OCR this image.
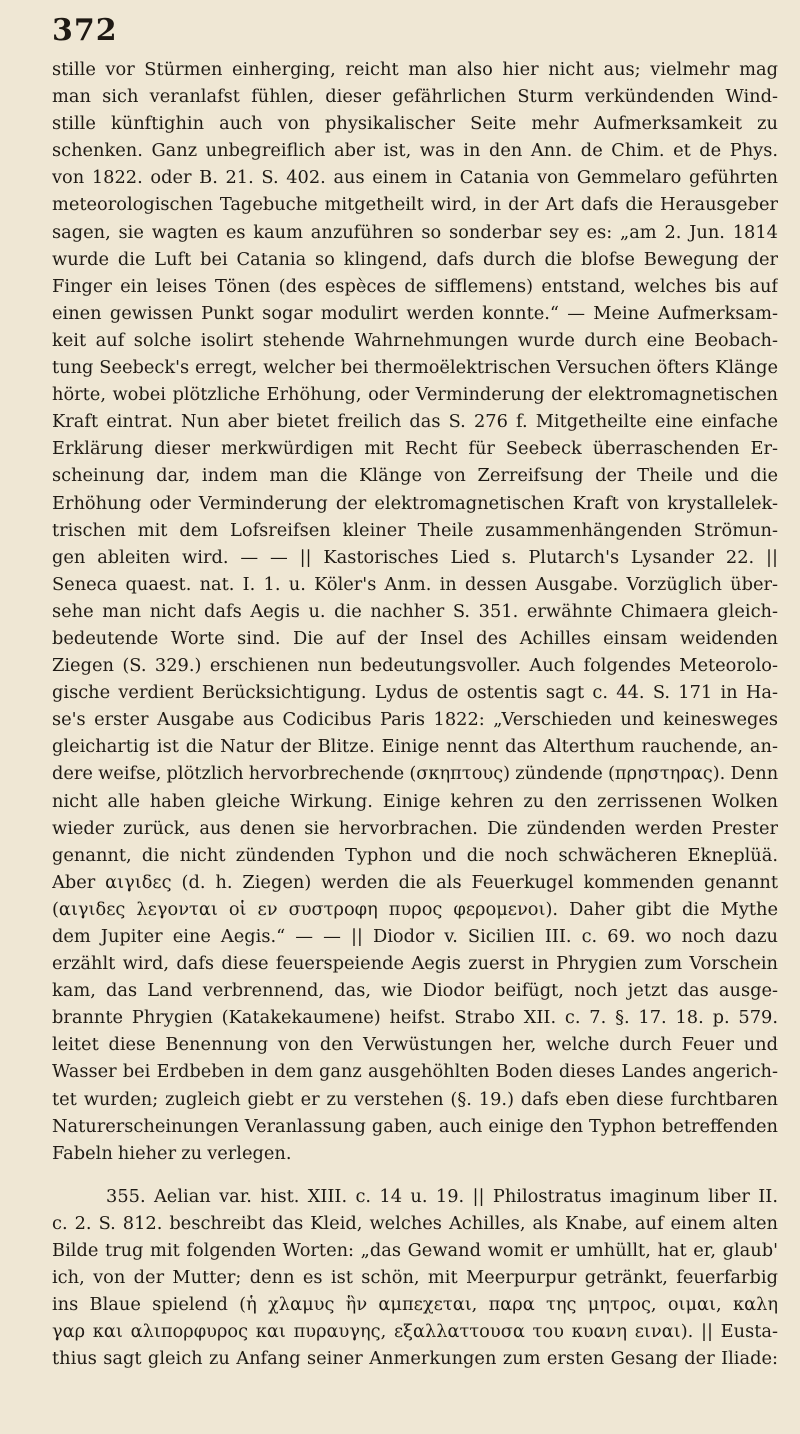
372
stille vor Stürmen einherging, reicht man also hier nicht aus; vielmehr mag
man sich veranlafst fühlen, dieser gefährlichen Sturm verkündenden Wind-
stille künftighin auch von physikalischer Seite mehr Aufmerksamkeit zu
schenken. Ganz unbegreiflich aber ist, was in den Ann. de Chim. et de Phys.
von 1822. oder B. 21. S. 402. aus einem in Catania von Gemmelaro geführten
meteorologischen Tagebuche mitgetheilt wird, in der Art dafs die Herausgeber
sagen, sie wagten es kaum anzuführen so sonderbar sey es: „am 2. Jun. 1814
wurde die Luft bei Catania so klingend, dafs durch die blofse Bewegung der
Finger ein leises Tönen (des espèces de sifflemens) entstand, welches bis auf
einen gewissen Punkt sogar modulirt werden konnte.“ — Meine Aufmerksam-
keit auf solche isolirt stehende Wahrnehmungen wurde durch eine Beobach-
tung Seebeck's erregt, welcher bei thermoëlektrischen Versuchen öfters Klänge
hörte, wobei plötzliche Erhöhung, oder Verminderung der elektromagnetischen
Kraft eintrat. Nun aber bietet freilich das S. 276 f. Mitgetheilte eine einfache
Erklärung dieser merkwürdigen mit Recht für Seebeck überraschenden Er-
scheinung dar, indem man die Klänge von Zerreifsung der Theile und die
Erhöhung oder Verminderung der elektromagnetischen Kraft von krystallelek-
trischen mit dem Lofsreifsen kleiner Theile zusammenhängenden Strömun-
gen ableiten wird. — — || Kastorisches Lied s. Plutarch's Lysander 22. ||
Seneca quaest. nat. I. 1. u. Köler's Anm. in dessen Ausgabe. Vorzüglich über-
sehe man nicht dafs Aegis u. die nachher S. 351. erwähnte Chimaera gleich-
bedeutende Worte sind. Die auf der Insel des Achilles einsam weidenden
Ziegen (S. 329.) erschienen nun bedeutungsvoller. Auch folgendes Meteorolo-
gische verdient Berücksichtigung. Lydus de ostentis sagt c. 44. S. 171 in Ha-
se's erster Ausgabe aus Codicibus Paris 1822: „Verschieden und keinesweges
gleichartig ist die Natur der Blitze. Einige nennt das Alterthum rauchende, an-
dere weifse, plötzlich hervorbrechende (σκηπτους) zündende (πρηστηρας). Denn
nicht alle haben gleiche Wirkung. Einige kehren zu den zerrissenen Wolken
wieder zurück, aus denen sie hervorbrachen. Die zündenden werden Prester
genannt, die nicht zündenden Typhon und die noch schwächeren Ekneplüä.
Aber αιγιδες (d. h. Ziegen) werden die als Feuerkugel kommenden genannt
(αιγιδες λεγονται οἱ εν συστροφη πυρος φερομενοι). Daher gibt die Mythe
dem Jupiter eine Aegis.“ — — || Diodor v. Sicilien III. c. 69. wo noch dazu
erzählt wird, dafs diese feuerspeiende Aegis zuerst in Phrygien zum Vorschein
kam, das Land verbrennend, das, wie Diodor beifügt, noch jetzt das ausge-
brannte Phrygien (Katakekaumene) heifst. Strabo XII. c. 7. §. 17. 18. p. 579.
leitet diese Benennung von den Verwüstungen her, welche durch Feuer und
Wasser bei Erdbeben in dem ganz ausgehöhlten Boden dieses Landes angerich-
tet wurden; zugleich giebt er zu verstehen (§. 19.) dafs eben diese furchtbaren
Naturerscheinungen Veranlassung gaben, auch einige den Typhon betreffenden
Fabeln hieher zu verlegen.
355. Aelian var. hist. XIII. c. 14 u. 19. || Philostratus imaginum liber II.
c. 2. S. 812. beschreibt das Kleid, welches Achilles, als Knabe, auf einem alten
Bilde trug mit folgenden Worten: „das Gewand womit er umhüllt, hat er, glaub'
ich, von der Mutter; denn es ist schön, mit Meerpurpur getränkt, feuerfarbig
ins Blaue spielend (ἡ χλαμυς ἣν αμπεχεται, παρα της μητρος, οιμαι, καλη
γαρ και αλιπορφυρος και πυραυγης, εξαλλαττουσα του κυανη ειναι). || Eusta-
thius sagt gleich zu Anfang seiner Anmerkungen zum ersten Gesang der Iliade:
